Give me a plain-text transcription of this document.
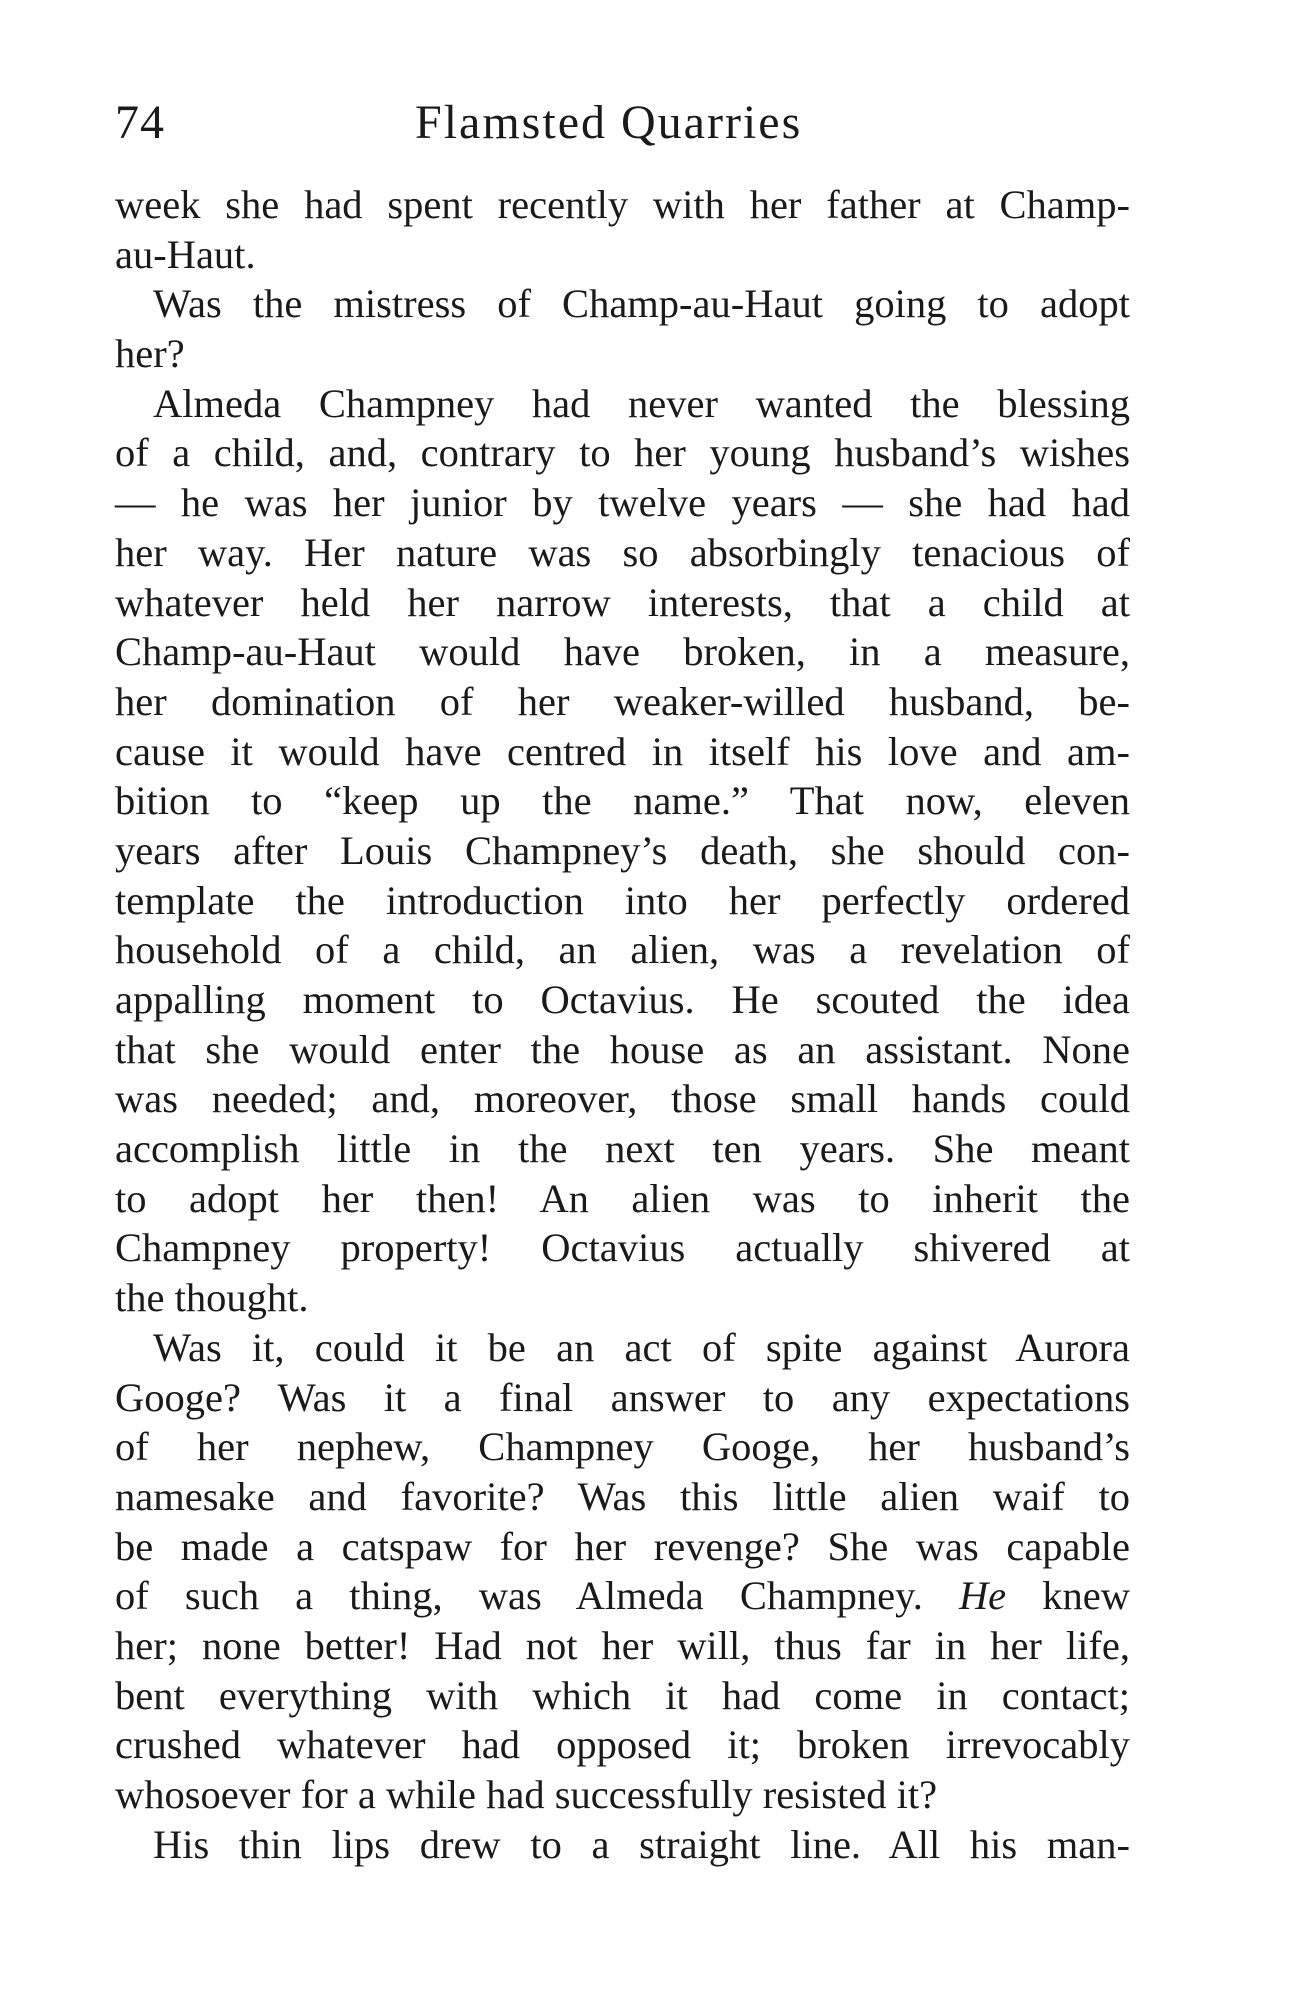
74	Flamsted Quarries
week she had spent recently with her father at Champ-
au-Haut.
Was the mistress of Champ-au-Haut going to adopt
her?
Almeda Champney had never wanted the blessing
of a child, and, contrary to her young husband’s wishes
— he was her junior by twelve years — she had had
her way. Her nature was so absorbingly tenacious of
whatever held her narrow interests, that a child at
Champ-au-Haut would have broken, in a measure,
her domination of her weaker-willed husband, be-
cause it would have centred in itself his love and am-
bition to “keep up the name.” That now, eleven
years after Louis Champney’s death, she should con-
template the introduction into her perfectly ordered
household of a child, an alien, was a revelation of
appalling moment to Octavius. He scouted the idea
that she would enter the house as an assistant. None
was needed; and, moreover, those small hands could
accomplish little in the next ten years. She meant
to adopt her then! An alien was to inherit the
Champney property! Octavius actually shivered at
the thought.
Was it, could it be an act of spite against Aurora
Googe? Was it a final answer to any expectations
of her nephew, Champney Googe, her husband’s
namesake and favorite? Was this little alien waif to
be made a catspaw for her revenge? She was capable
of such a thing, was Almeda Champney. He knew
her; none better! Had not her will, thus far in her life,
bent everything with which it had come in contact;
crushed whatever had opposed it; broken irrevocably
whosoever for a while had successfully resisted it?
His thin lips drew to a straight line. All his man-
